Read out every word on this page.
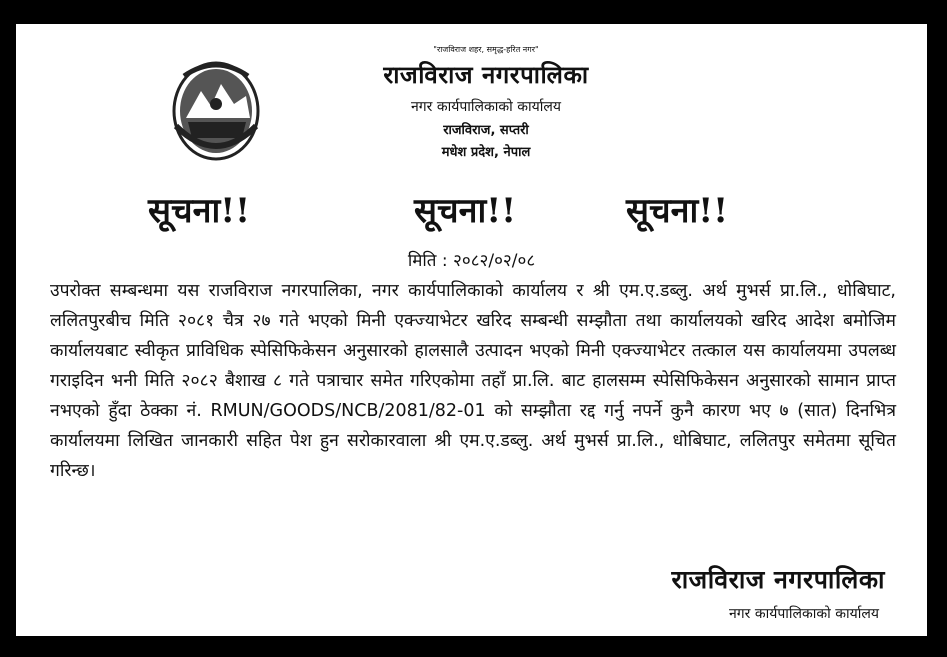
"राजविराज शहर, समृद्ध-हरित नगर"
राजविराज नगरपालिका
नगर कार्यपालिकाको कार्यालय
राजविराज, सप्तरी
मधेश प्रदेश, नेपाल
सूचना!!	सूचना!!	सूचना!!
मिति : २०८२/०२/०८
उपरोक्त सम्बन्धमा यस राजविराज नगरपालिका, नगर कार्यपालिकाको कार्यालय र श्री एम.ए.डब्लु. अर्थ मुभर्स प्रा.लि., धोबिघाट, ललितपुरबीच मिति २०८१ चैत्र २७ गते भएको मिनी एक्ज्याभेटर खरिद सम्बन्धी सम्झौता तथा कार्यालयको खरिद आदेश बमोजिम कार्यालयबाट स्वीकृत प्राविधिक स्पेसिफिकेसन अनुसारको हालसालै उत्पादन भएको मिनी एक्ज्याभेटर तत्काल यस कार्यालयमा उपलब्ध गराइदिन भनी मिति २०८२ बैशाख ८ गते पत्राचार समेत गरिएकोमा तहाँ प्रा.लि. बाट हालसम्म स्पेसिफिकेसन अनुसारको सामान प्राप्त नभएको हुँदा ठेक्का नं. RMUN/GOODS/NCB/2081/82-01 को सम्झौता रद्द गर्नु नपर्ने कुनै कारण भए ७ (सात) दिनभित्र कार्यालयमा लिखित जानकारी सहित पेश हुन सरोकारवाला श्री एम.ए.डब्लु. अर्थ मुभर्स प्रा.लि., धोबिघाट, ललितपुर समेतमा सूचित गरिन्छ।
राजविराज नगरपालिका
नगर कार्यपालिकाको कार्यालय
